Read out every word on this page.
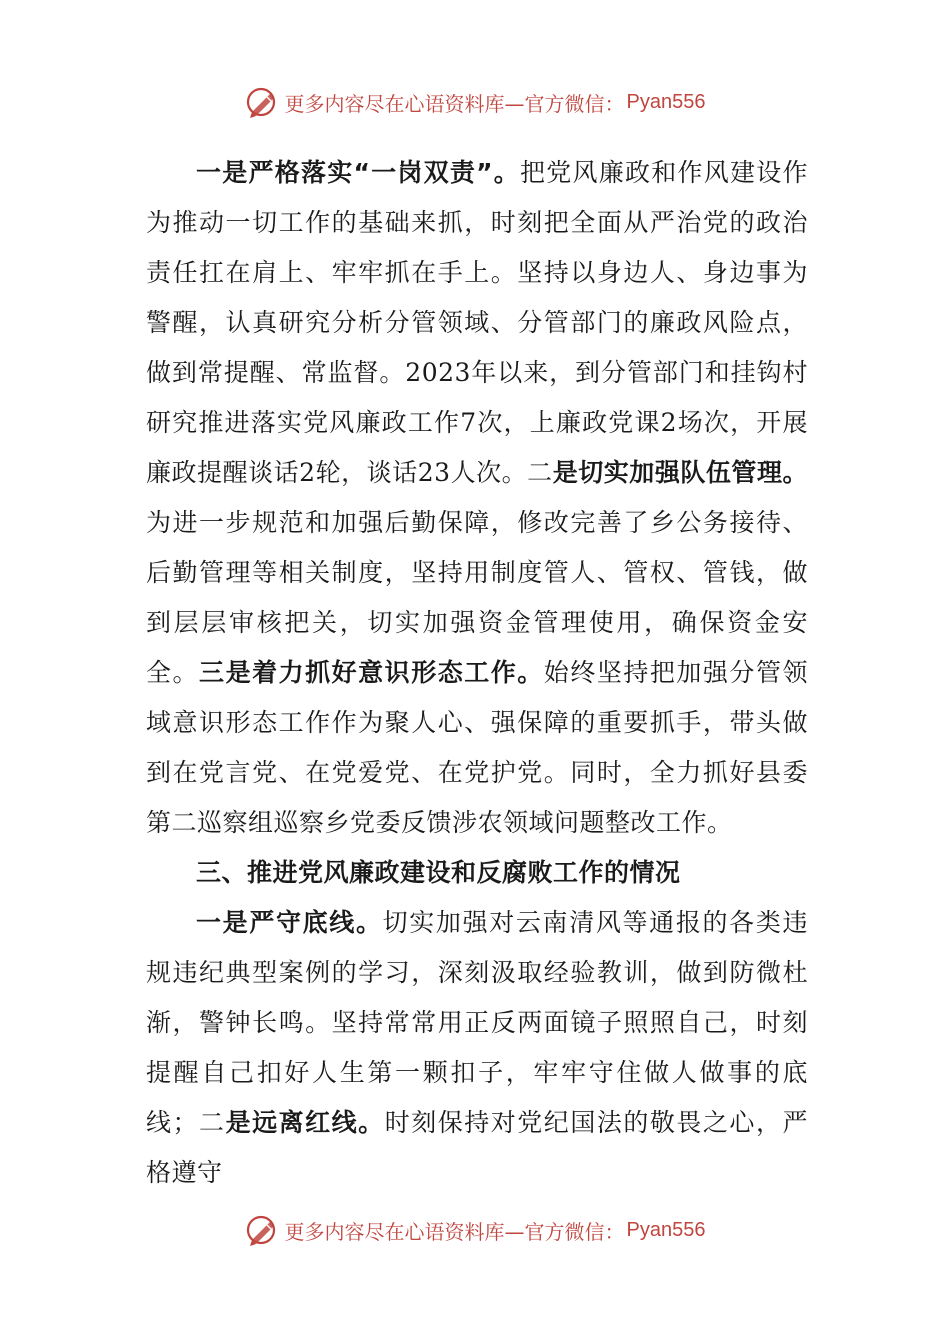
更多内容尽在心语资料库—官方微信： Pyan556

一是严格落实“一岗双责”。把党风廉政和作风建设作为推动一切工作的基础来抓，时刻把全面从严治党的政治责任扛在肩上、牢牢抓在手上。坚持以身边人、身边事为警醒，认真研究分析分管领域、分管部门的廉政风险点，做到常提醒、常监督。2023年以来，到分管部门和挂钩村研究推进落实党风廉政工作7次，上廉政党课2场次，开展廉政提醒谈话2轮，谈话23人次。二是切实加强队伍管理。为进一步规范和加强后勤保障，修改完善了乡公务接待、后勤管理等相关制度，坚持用制度管人、管权、管钱，做到层层审核把关，切实加强资金管理使用，确保资金安全。三是着力抓好意识形态工作。始终坚持把加强分管领域意识形态工作作为聚人心、强保障的重要抓手，带头做到在党言党、在党爱党、在党护党。同时，全力抓好县委第二巡察组巡察乡党委反馈涉农领域问题整改工作。

三、推进党风廉政建设和反腐败工作的情况

一是严守底线。切实加强对云南清风等通报的各类违规违纪典型案例的学习，深刻汲取经验教训，做到防微杜渐，警钟长鸣。坚持常常用正反两面镜子照照自己，时刻提醒自己扣好人生第一颗扣子，牢牢守住做人做事的底线；二是远离红线。时刻保持对党纪国法的敬畏之心，严格遵守

更多内容尽在心语资料库—官方微信： Pyan556
